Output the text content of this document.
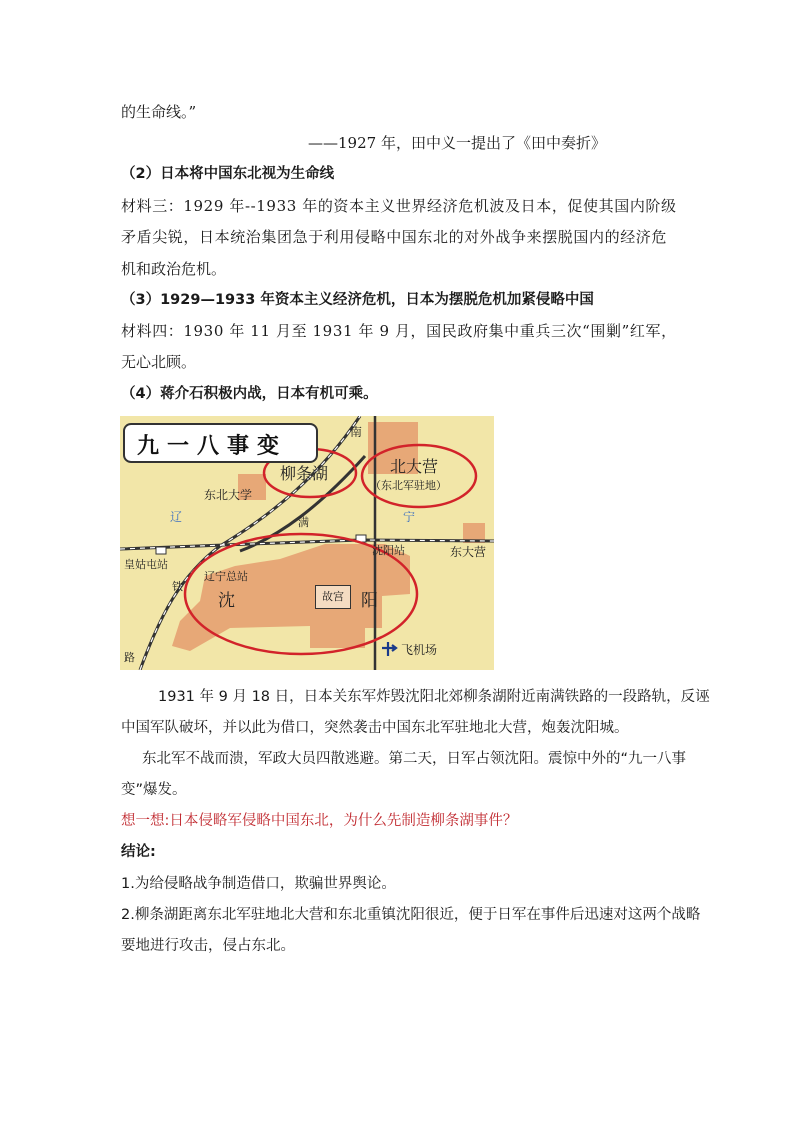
的生命线。”
——1927 年，田中义一提出了《田中奏折》
（2）日本将中国东北视为生命线
材料三：1929 年--1933 年的资本主义世界经济危机波及日本，促使其国内阶级
矛盾尖锐，日本统治集团急于利用侵略中国东北的对外战争来摆脱国内的经济危
机和政治危机。
（3）1929—1933 年资本主义经济危机，日本为摆脱危机加紧侵略中国
材料四：1930 年 11 月至 1931 年 9 月，国民政府集中重兵三次“围剿”红军，
无心北顾。
（4）蒋介石积极内战，日本有机可乘。
九一八事变
南
柳条湖	北大营
（东北军驻地）
东北大学
辽	宁
满
沈阳站	东大营
皇姑屯站
辽宁总站
铁
沈	阳
故宫
路
飞机场
1931 年 9 月 18 日，日本关东军炸毁沈阳北郊柳条湖附近南满铁路的一段路轨，反诬
中国军队破坏，并以此为借口，突然袭击中国东北军驻地北大营，炮轰沈阳城。
东北军不战而溃，军政大员四散逃避。第二天，日军占领沈阳。震惊中外的“九一八事
变”爆发。
想一想:日本侵略军侵略中国东北，为什么先制造柳条湖事件？
结论:
1.为给侵略战争制造借口，欺骗世界舆论。
2.柳条湖距离东北军驻地北大营和东北重镇沈阳很近，便于日军在事件后迅速对这两个战略
要地进行攻击，侵占东北。
